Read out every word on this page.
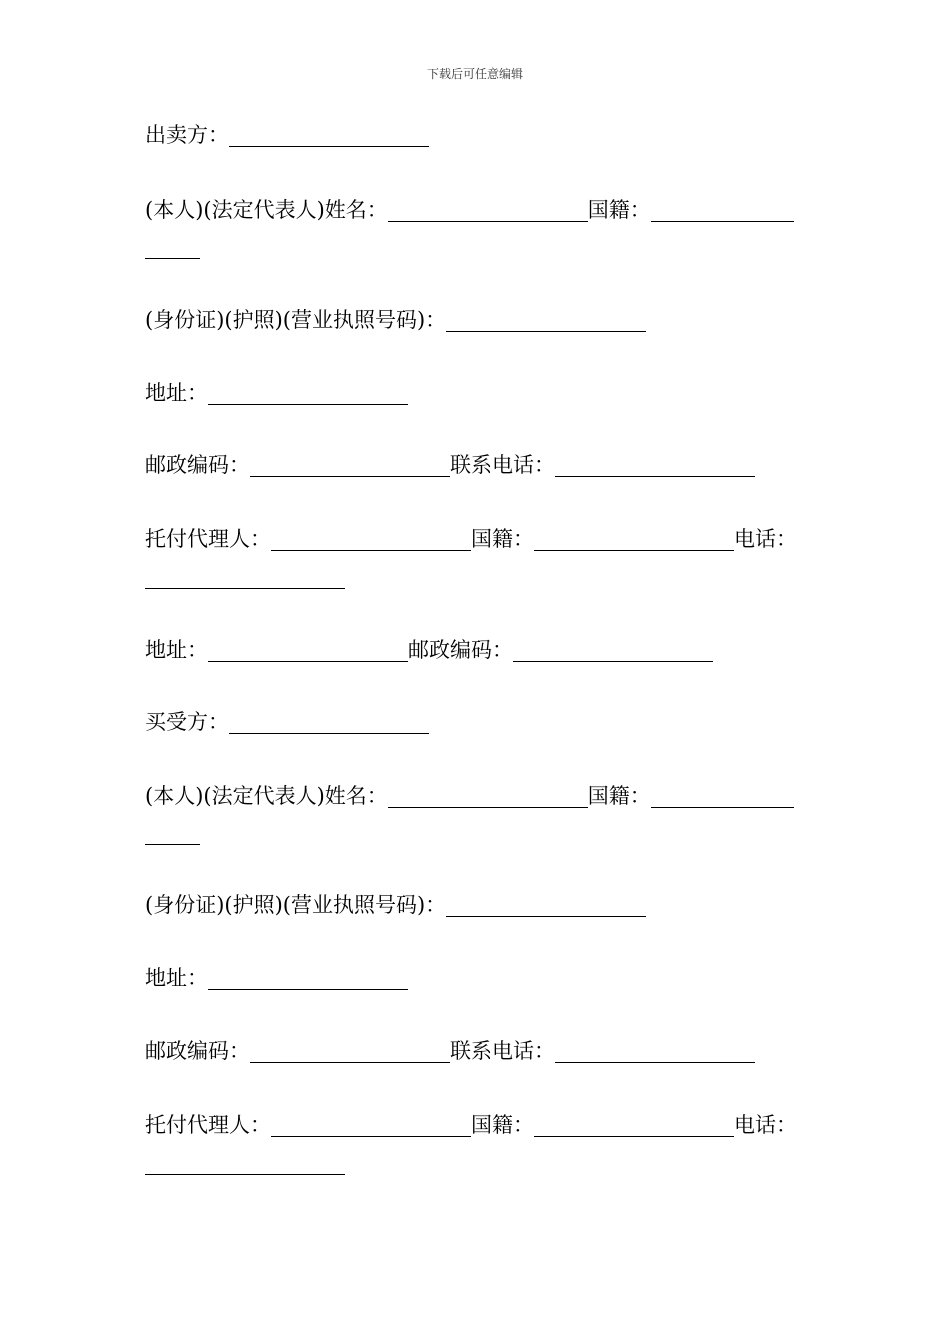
下载后可任意编辑
出卖方：
(本人)(法定代表人)姓名：	国籍：
(身份证)(护照)(营业执照号码)：
地址：
邮政编码：	联系电话：
托付代理人：	国籍：	电话：
地址：	邮政编码：
买受方：
(本人)(法定代表人)姓名：	国籍：
(身份证)(护照)(营业执照号码)：
地址：
邮政编码：	联系电话：
托付代理人：	国籍：	电话：
